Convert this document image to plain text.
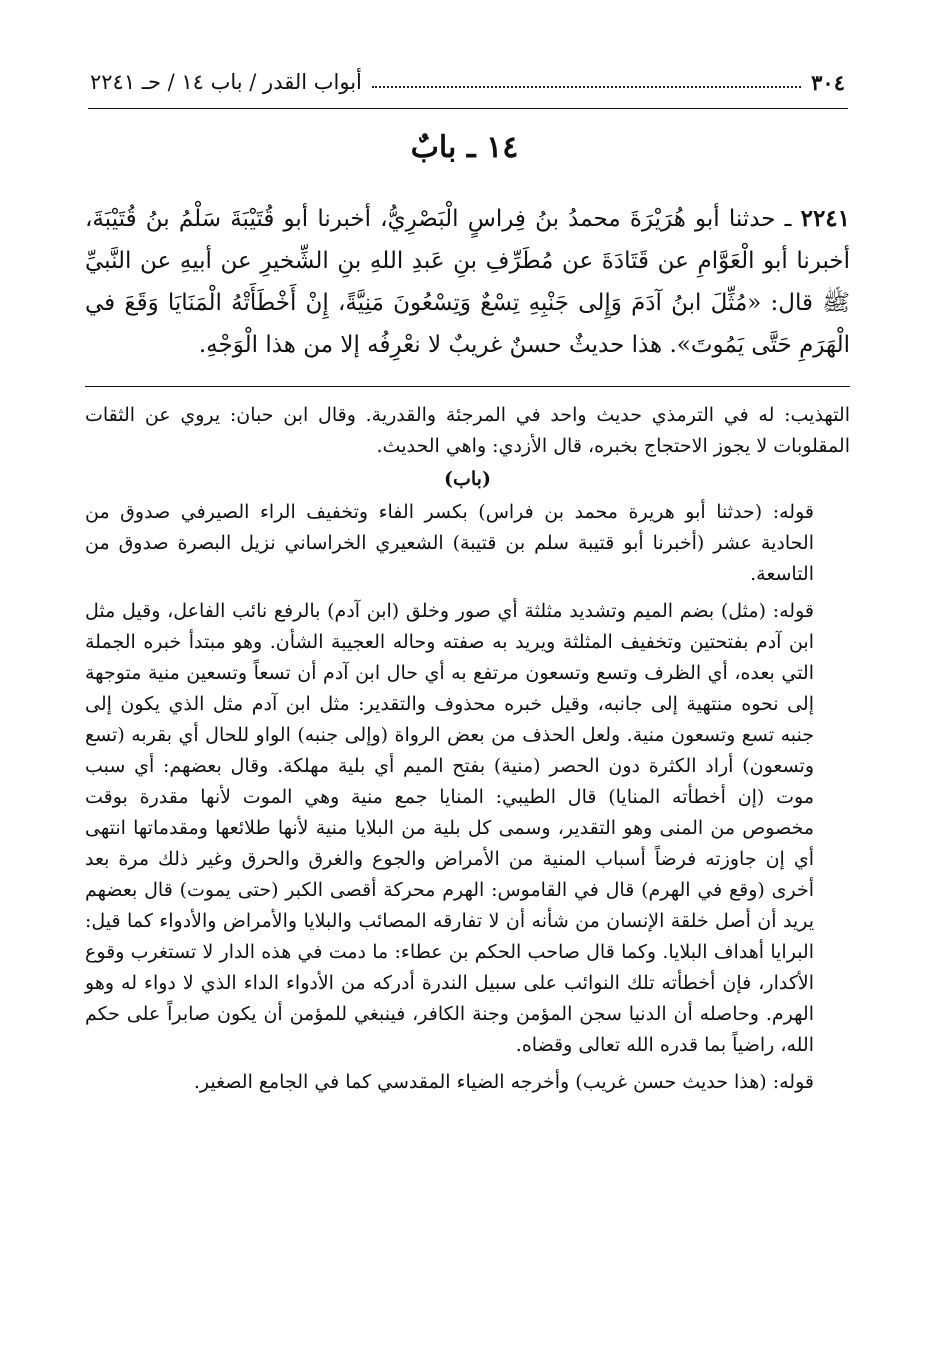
٣٠٤
أبواب القدر / باب ١٤ / حـ ٢٢٤١
١٤ ـ بابٌ
٢٢٤١ ـ حدثنا أبو هُرَيْرَةَ محمدُ بنُ فِراسٍ الْبَصْرِيُّ، أخبرنا أبو قُتَيْبَةَ سَلْمُ بنُ قُتَيْبَةَ، أخبرنا أبو الْعَوَّامِ عن قَتَادَةَ عن مُطَرِّفِ بنِ عَبدِ اللهِ بنِ الشِّخيرِ عن أبيهِ عن النَّبيِّ ﷺ قال: «مُثِّلَ ابنُ آدَمَ وَإِلى جَنْبِهِ تِسْعٌ وَتِسْعُونَ مَنِيَّةً، إِنْ أَخْطَأَتْهُ الْمَنَايَا وَقَعَ في الْهَرَمِ حَتَّى يَمُوتَ». هذا حديثٌ حسنٌ غريبٌ لا نعْرِفُه إلا من هذا الْوَجْهِ.

التهذيب: له في الترمذي حديث واحد في المرجئة والقدرية. وقال ابن حبان: يروي عن الثقات المقلوبات لا يجوز الاحتجاج بخبره، قال الأزدي: واهي الحديث.

(باب)

قوله: (حدثنا أبو هريرة محمد بن فراس) بكسر الفاء وتخفيف الراء الصيرفي صدوق من الحادية عشر (أخبرنا أبو قتيبة سلم بن قتيبة) الشعيري الخراساني نزيل البصرة صدوق من التاسعة.

قوله: (مثل) بضم الميم وتشديد مثلثة أي صور وخلق (ابن آدم) بالرفع نائب الفاعل، وقيل مثل ابن آدم بفتحتين وتخفيف المثلثة ويريد به صفته وحاله العجيبة الشأن. وهو مبتدأ خبره الجملة التي بعده، أي الظرف وتسع وتسعون مرتفع به أي حال ابن آدم أن تسعاً وتسعين منية متوجهة إلى نحوه منتهية إلى جانبه، وقيل خبره محذوف والتقدير: مثل ابن آدم مثل الذي يكون إلى جنبه تسع وتسعون منية. ولعل الحذف من بعض الرواة (وإلى جنبه) الواو للحال أي بقربه (تسع وتسعون) أراد الكثرة دون الحصر (منية) بفتح الميم أي بلية مهلكة. وقال بعضهم: أي سبب موت (إن أخطأته المنايا) قال الطيبي: المنايا جمع منية وهي الموت لأنها مقدرة بوقت مخصوص من المنى وهو التقدير، وسمى كل بلية من البلايا منية لأنها طلائعها ومقدماتها انتهى أي إن جاوزته فرضاً أسباب المنية من الأمراض والجوع والغرق والحرق وغير ذلك مرة بعد أخرى (وقع في الهرم) قال في القاموس: الهرم محركة أقصى الكبر (حتى يموت) قال بعضهم يريد أن أصل خلقة الإنسان من شأنه أن لا تفارقه المصائب والبلايا والأمراض والأدواء كما قيل: البرايا أهداف البلايا. وكما قال صاحب الحكم بن عطاء: ما دمت في هذه الدار لا تستغرب وقوع الأكدار، فإن أخطأته تلك النوائب على سبيل الندرة أدركه من الأدواء الداء الذي لا دواء له وهو الهرم. وحاصله أن الدنيا سجن المؤمن وجنة الكافر، فينبغي للمؤمن أن يكون صابراً على حكم الله، راضياً بما قدره الله تعالى وقضاه.

قوله: (هذا حديث حسن غريب) وأخرجه الضياء المقدسي كما في الجامع الصغير.
